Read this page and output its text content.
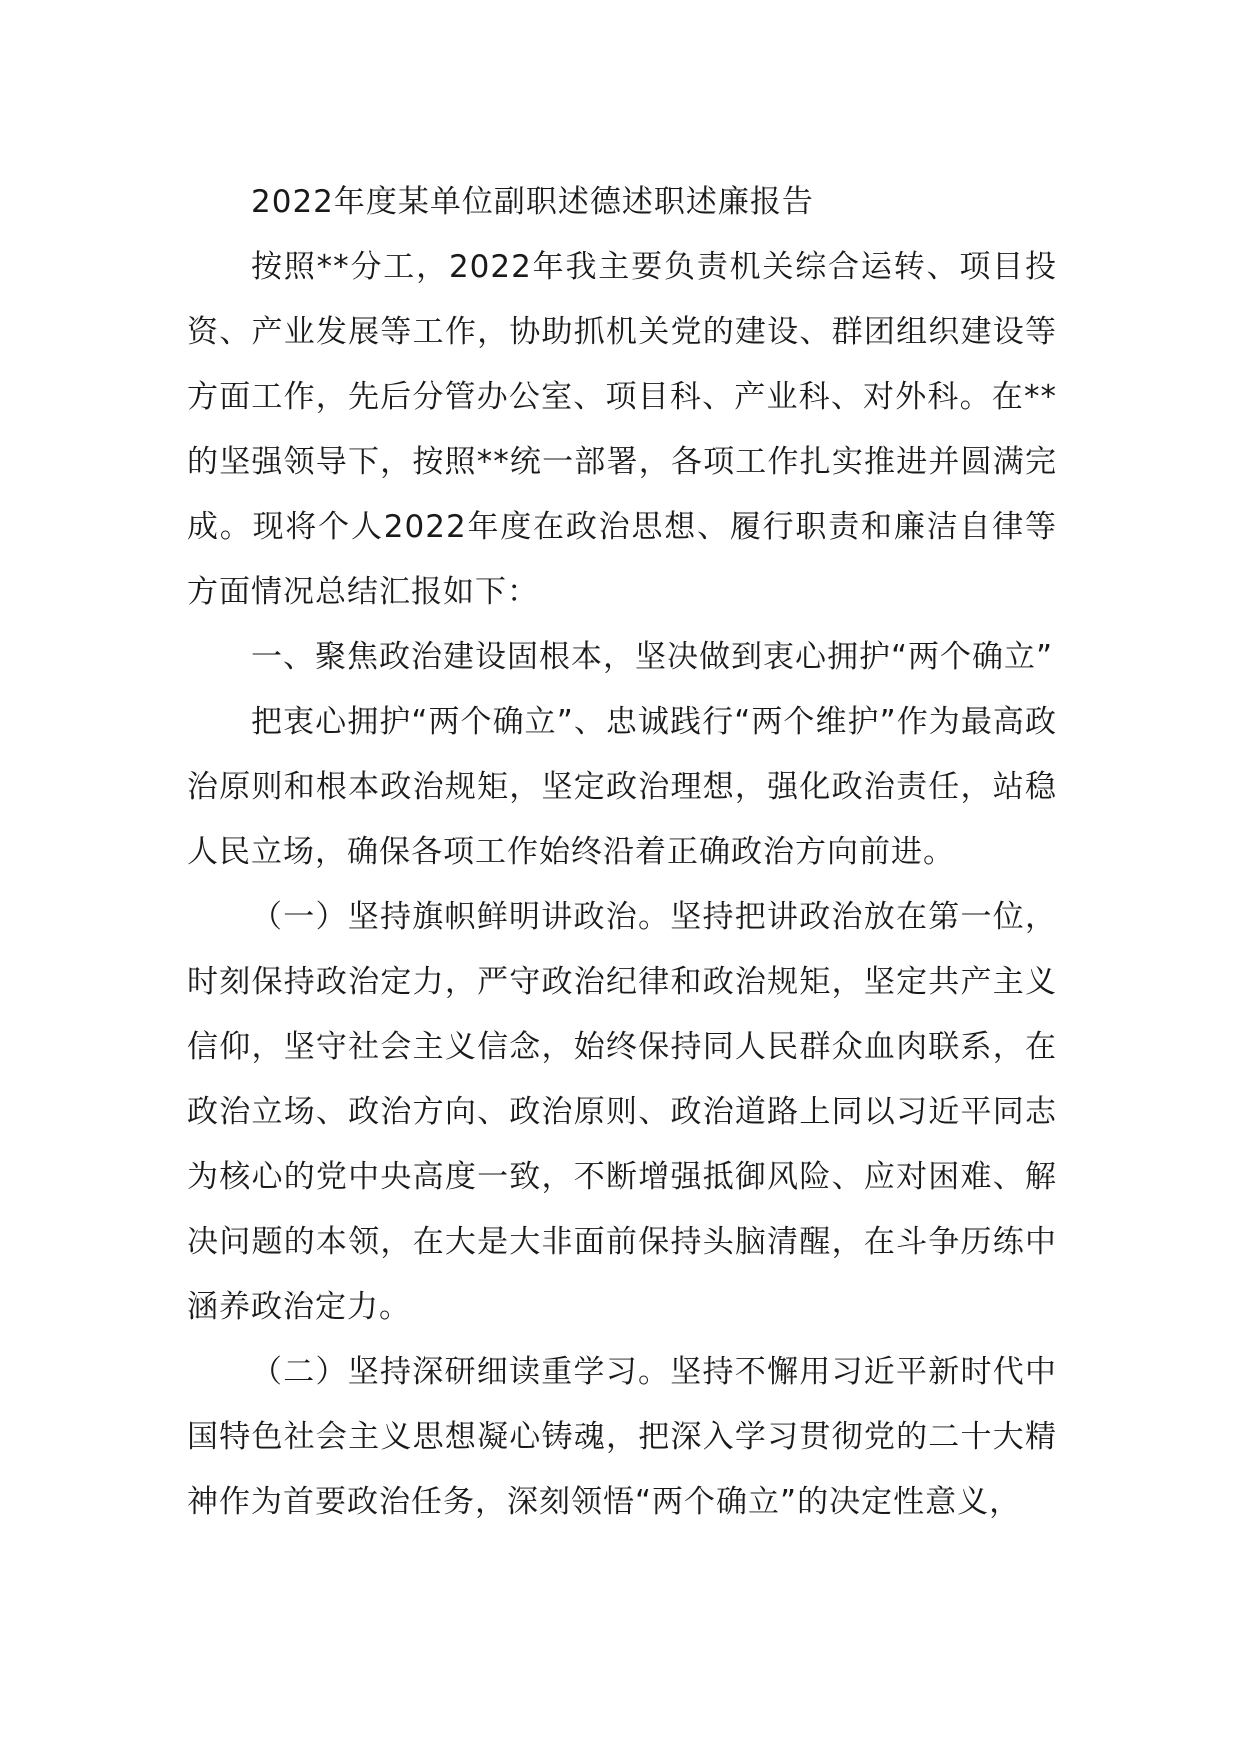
2022年度某单位副职述德述职述廉报告

按照**分工，2022年我主要负责机关综合运转、项目投资、产业发展等工作，协助抓机关党的建设、群团组织建设等方面工作，先后分管办公室、项目科、产业科、对外科。在**的坚强领导下，按照**统一部署，各项工作扎实推进并圆满完成。现将个人2022年度在政治思想、履行职责和廉洁自律等方面情况总结汇报如下：

一、聚焦政治建设固根本，坚决做到衷心拥护“两个确立”

把衷心拥护“两个确立”、忠诚践行“两个维护”作为最高政治原则和根本政治规矩，坚定政治理想，强化政治责任，站稳人民立场，确保各项工作始终沿着正确政治方向前进。

（一）坚持旗帜鲜明讲政治。坚持把讲政治放在第一位，时刻保持政治定力，严守政治纪律和政治规矩，坚定共产主义信仰，坚守社会主义信念，始终保持同人民群众血肉联系，在政治立场、政治方向、政治原则、政治道路上同以习近平同志为核心的党中央高度一致，不断增强抵御风险、应对困难、解决问题的本领，在大是大非面前保持头脑清醒，在斗争历练中涵养政治定力。

（二）坚持深研细读重学习。坚持不懈用习近平新时代中国特色社会主义思想凝心铸魂，把深入学习贯彻党的二十大精神作为首要政治任务，深刻领悟“两个确立”的决定性意义，
